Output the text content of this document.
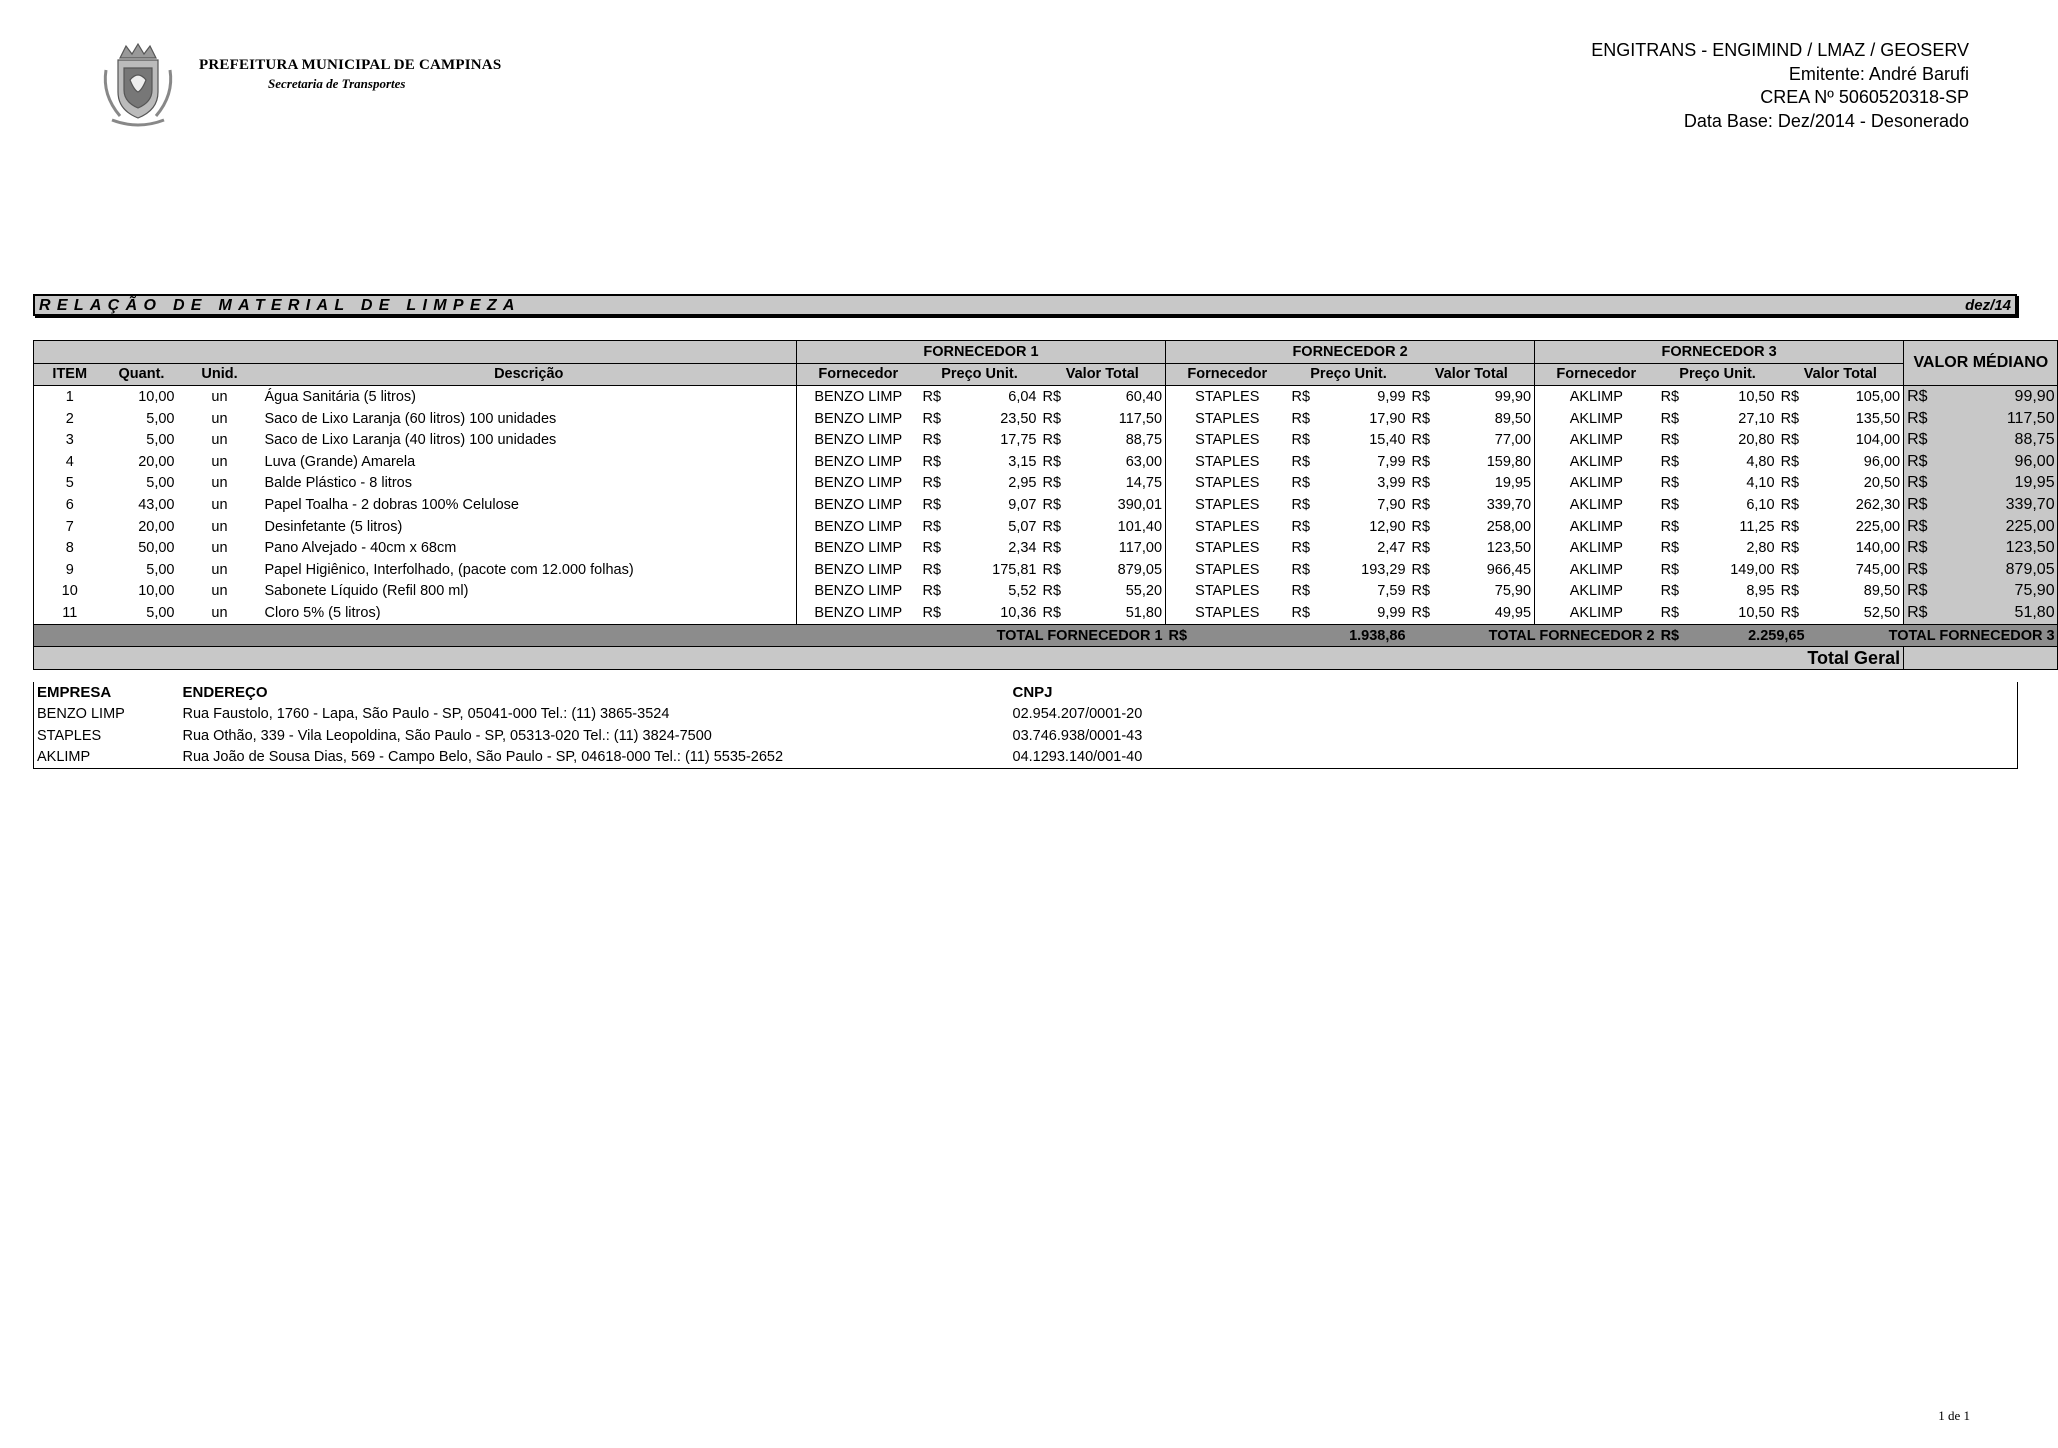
PREFEITURA MUNICIPAL DE CAMPINAS
Secretaria de Transportes
ENGITRANS - ENGIMIND / LMAZ / GEOSERV
Emitente: André Barufi
CREA Nº 5060520318-SP
Data Base: Dez/2014 - Desonerado
RELAÇÃO DE MATERIAL DE LIMPEZA	dez/14
				FORNECEDOR 1					FORNECEDOR 2					FORNECEDOR 3					VALOR MÉDIANO		
ITEM	Quant.	Unid.	Descrição	Fornecedor	Preço Unit.		Valor Total		Fornecedor	Preço Unit.		Valor Total		Fornecedor	Preço Unit.		Valor Total				
1	10,00	un	Água Sanitária (5 litros)	BENZO LIMP	R$	6,04	R$	60,40	STAPLES	R$	9,99	R$	99,90	AKLIMP	R$	10,50	R$	105,00	R$	99,90	
2	5,00	un	Saco de Lixo Laranja (60 litros) 100 unidades	BENZO LIMP	R$	23,50	R$	117,50	STAPLES	R$	17,90	R$	89,50	AKLIMP	R$	27,10	R$	135,50	R$	117,50	
3	5,00	un	Saco de Lixo Laranja (40 litros) 100 unidades	BENZO LIMP	R$	17,75	R$	88,75	STAPLES	R$	15,40	R$	77,00	AKLIMP	R$	20,80	R$	104,00	R$	88,75	
4	20,00	un	Luva (Grande) Amarela	BENZO LIMP	R$	3,15	R$	63,00	STAPLES	R$	7,99	R$	159,80	AKLIMP	R$	4,80	R$	96,00	R$	96,00	
5	5,00	un	Balde Plástico - 8 litros	BENZO LIMP	R$	2,95	R$	14,75	STAPLES	R$	3,99	R$	19,95	AKLIMP	R$	4,10	R$	20,50	R$	19,95	
6	43,00	un	Papel Toalha - 2 dobras 100% Celulose	BENZO LIMP	R$	9,07	R$	390,01	STAPLES	R$	7,90	R$	339,70	AKLIMP	R$	6,10	R$	262,30	R$	339,70	
7	20,00	un	Desinfetante (5 litros)	BENZO LIMP	R$	5,07	R$	101,40	STAPLES	R$	12,90	R$	258,00	AKLIMP	R$	11,25	R$	225,00	R$	225,00	
8	50,00	un	Pano Alvejado - 40cm x 68cm	BENZO LIMP	R$	2,34	R$	117,00	STAPLES	R$	2,47	R$	123,50	AKLIMP	R$	2,80	R$	140,00	R$	123,50	
9	5,00	un	Papel Higiênico, Interfolhado, (pacote com 12.000 folhas)	BENZO LIMP	R$	175,81	R$	879,05	STAPLES	R$	193,29	R$	966,45	AKLIMP	R$	149,00	R$	745,00	R$	879,05	
10	10,00	un	Sabonete Líquido (Refil 800 ml)	BENZO LIMP	R$	5,52	R$	55,20	STAPLES	R$	7,59	R$	75,90	AKLIMP	R$	8,95	R$	89,50	R$	75,90	
11	5,00	un	Cloro 5% (5 litros)	BENZO LIMP	R$	10,36	R$	51,80	STAPLES	R$	9,99	R$	49,95	AKLIMP	R$	10,50	R$	52,50	R$	51,80	
						TOTAL FORNECEDOR 1			R$	1.938,86		TOTAL FORNECEDOR 2			R$	2.259,65		TOTAL FORNECEDOR 3			
Total Geral																					
EMPRESA	ENDEREÇO	CNPJ
BENZO LIMP	Rua Faustolo, 1760 - Lapa, São Paulo - SP, 05041-000 Tel.: (11) 3865-3524	02.954.207/0001-20
STAPLES	Rua Othão, 339 - Vila Leopoldina, São Paulo - SP, 05313-020 Tel.: (11) 3824-7500	03.746.938/0001-43
AKLIMP	Rua João de Sousa Dias, 569 - Campo Belo, São Paulo - SP, 04618-000 Tel.: (11) 5535-2652	04.1293.140/001-40
1 de 1
